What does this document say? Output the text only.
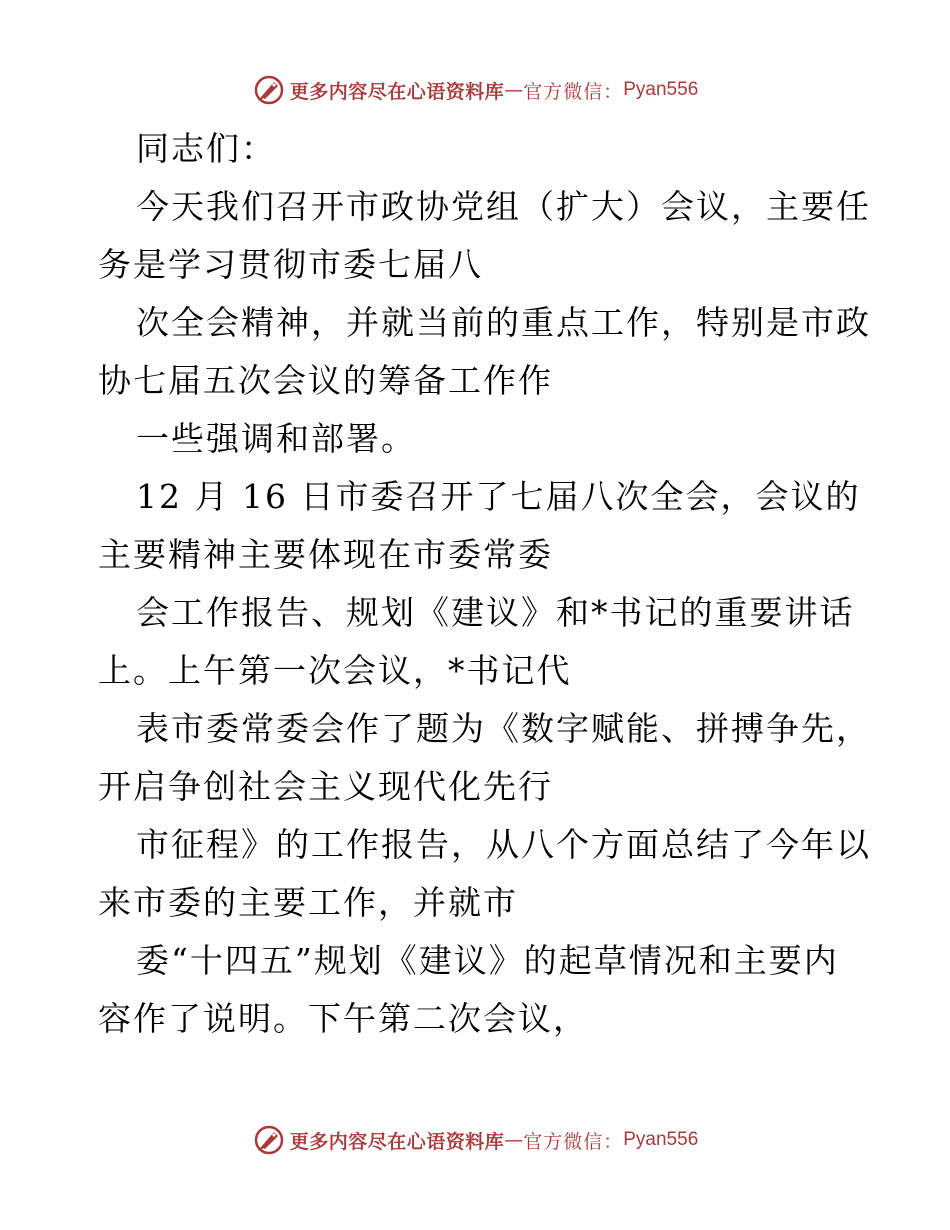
更多内容尽在心语资料库 — 官方微信： Pyan556
同志们：
今天我们召开市政协党组（扩大）会议，主要任
务是学习贯彻市委七届八
次全会精神，并就当前的重点工作，特别是市政
协七届五次会议的筹备工作作
一些强调和部署。
12 月 16 日市委召开了七届八次全会，会议的
主要精神主要体现在市委常委
会工作报告、规划《建议》和*书记的重要讲话
上。上午第一次会议，*书记代
表市委常委会作了题为《数字赋能、拼搏争先，
开启争创社会主义现代化先行
市征程》的工作报告，从八个方面总结了今年以
来市委的主要工作，并就市
委“十四五”规划《建议》的起草情况和主要内
容作了说明。下午第二次会议，
更多内容尽在心语资料库 — 官方微信： Pyan556
